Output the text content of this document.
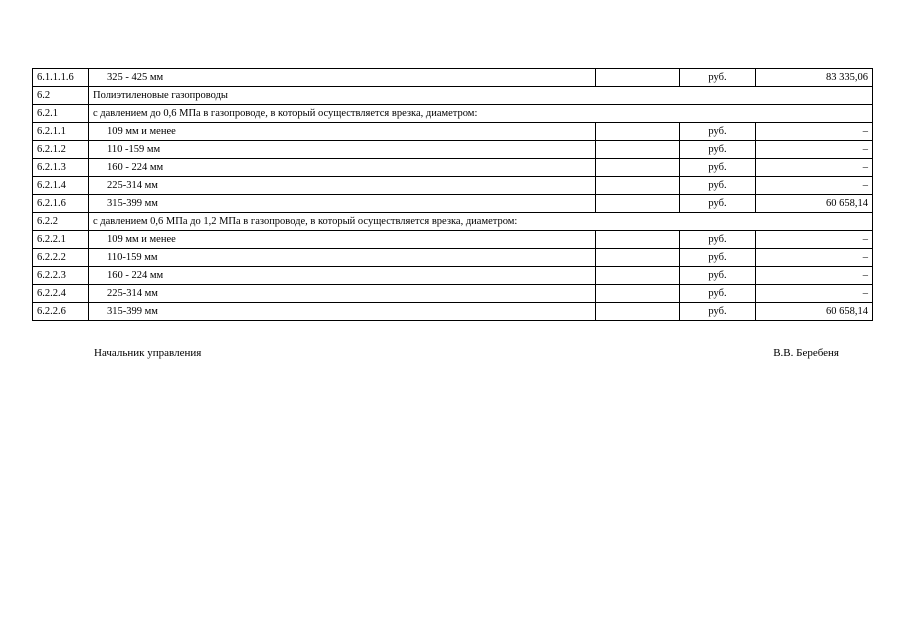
6.1.1.1.6	325 - 425 мм		руб.	83 335,06
6.2	Полиэтиленовые газопроводы			
6.2.1	с давлением до 0,6 МПа в газопроводе, в который осуществляется врезка, диаметром:			
6.2.1.1	109 мм и менее		руб.	–
6.2.1.2	110 -159 мм		руб.	–
6.2.1.3	160 - 224 мм		руб.	–
6.2.1.4	225-314 мм		руб.	–
6.2.1.6	315-399 мм		руб.	60 658,14
6.2.2	с давлением 0,6 МПа до 1,2 МПа в газопроводе, в который осуществляется врезка, диаметром:			
6.2.2.1	109 мм и менее		руб.	–
6.2.2.2	110-159 мм		руб.	–
6.2.2.3	160 - 224 мм		руб.	–
6.2.2.4	225-314 мм		руб.	–
6.2.2.6	315-399 мм		руб.	60 658,14
Начальник управления	В.В. Беребеня
